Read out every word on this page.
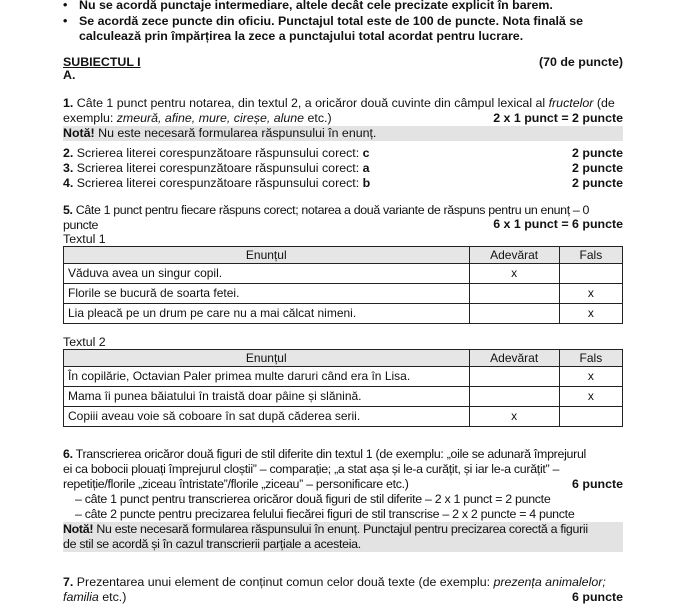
• Nu se acordă punctaje intermediare, altele decât cele precizate explicit în barem.
• Se acordă zece puncte din oficiu. Punctajul total este de 100 de puncte. Nota finală se calculează prin împărțirea la zece a punctajului total acordat pentru lucrare.
SUBIECTUL I	(70 de puncte)
A.
1. Câte 1 punct pentru notarea, din textul 2, a oricăror două cuvinte din câmpul lexical al fructelor (de
exemplu: zmeură, afine, mure, cireșe, alune etc.)	2 x 1 punct = 2 puncte
Notă! Nu este necesară formularea răspunsului în enunț.
2. Scrierea literei corespunzătoare răspunsului corect: c	2 puncte
3. Scrierea literei corespunzătoare răspunsului corect: a	2 puncte
4. Scrierea literei corespunzătoare răspunsului corect: b	2 puncte
5. Câte 1 punct pentru fiecare răspuns corect; notarea a două variante de răspuns pentru un enunț – 0 puncte	6 x 1 punct = 6 puncte
Textul 1
Enunțul	Adevărat	Fals
Văduva avea un singur copil.	x	
Florile se bucură de soarta fetei.		x
Lia pleacă pe un drum pe care nu a mai călcat nimeni.		x
Textul 2
Enunțul	Adevărat	Fals
În copilărie, Octavian Paler primea multe daruri când era în Lisa.		x
Mama îi punea băiatului în traistă doar pâine și slănină.		x
Copiii aveau voie să coboare în sat după căderea serii.	x	
6. Transcrierea oricăror două figuri de stil diferite din textul 1 (de exemplu: „oile se adunară împrejurul
ei ca bobocii plouați împrejurul cloștii” – comparație; „a stat așa și le-a curățit, și iar le-a curățit” –
repetiție/florile „ziceau întristate”/florile „ziceau” – personificare etc.)	6 puncte
– câte 1 punct pentru transcrierea oricăror două figuri de stil diferite – 2 x 1 punct = 2 puncte
– câte 2 puncte pentru precizarea felului fiecărei figuri de stil transcrise – 2 x 2 puncte = 4 puncte
Notă! Nu este necesară formularea răspunsului în enunț. Punctajul pentru precizarea corectă a figurii
de stil se acordă și în cazul transcrierii parțiale a acesteia.
7. Prezentarea unui element de conținut comun celor două texte (de exemplu: prezența animalelor;
familia etc.)	6 puncte
